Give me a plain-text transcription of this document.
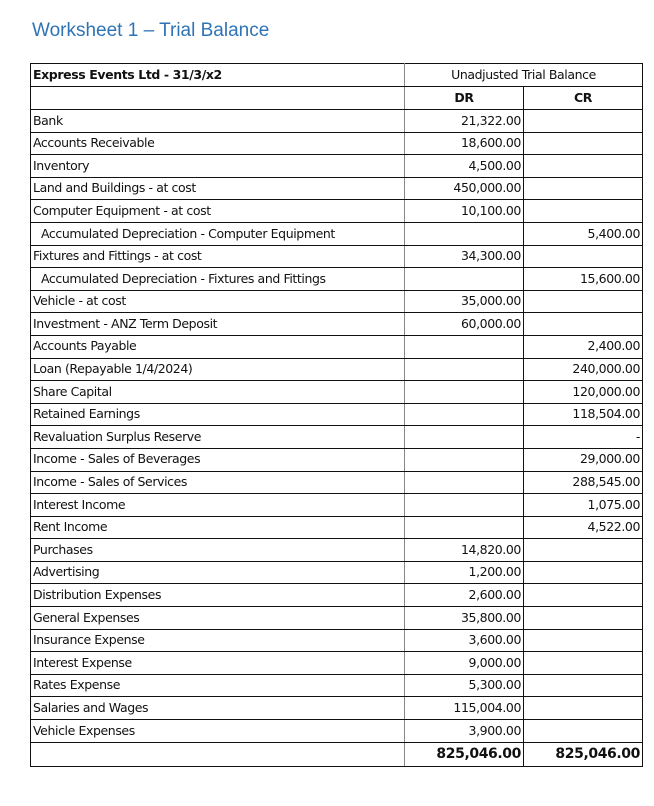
Worksheet 1 – Trial Balance
Express Events Ltd - 31/3/x2	Unadjusted Trial Balance	
	DR	CR
Bank	21,322.00	
Accounts Receivable	18,600.00	
Inventory	4,500.00	
Land and Buildings - at cost	450,000.00	
Computer Equipment - at cost	10,100.00	
Accumulated Depreciation - Computer Equipment		5,400.00
Fixtures and Fittings - at cost	34,300.00	
Accumulated Depreciation - Fixtures and Fittings		15,600.00
Vehicle - at cost	35,000.00	
Investment - ANZ Term Deposit	60,000.00	
Accounts Payable		2,400.00
Loan (Repayable 1/4/2024)		240,000.00
Share Capital		120,000.00
Retained Earnings		118,504.00
Revaluation Surplus Reserve		-
Income - Sales of Beverages		29,000.00
Income - Sales of Services		288,545.00
Interest Income		1,075.00
Rent Income		4,522.00
Purchases	14,820.00	
Advertising	1,200.00	
Distribution Expenses	2,600.00	
General Expenses	35,800.00	
Insurance Expense	3,600.00	
Interest Expense	9,000.00	
Rates Expense	5,300.00	
Salaries and Wages	115,004.00	
Vehicle Expenses	3,900.00	
	825,046.00	825,046.00
